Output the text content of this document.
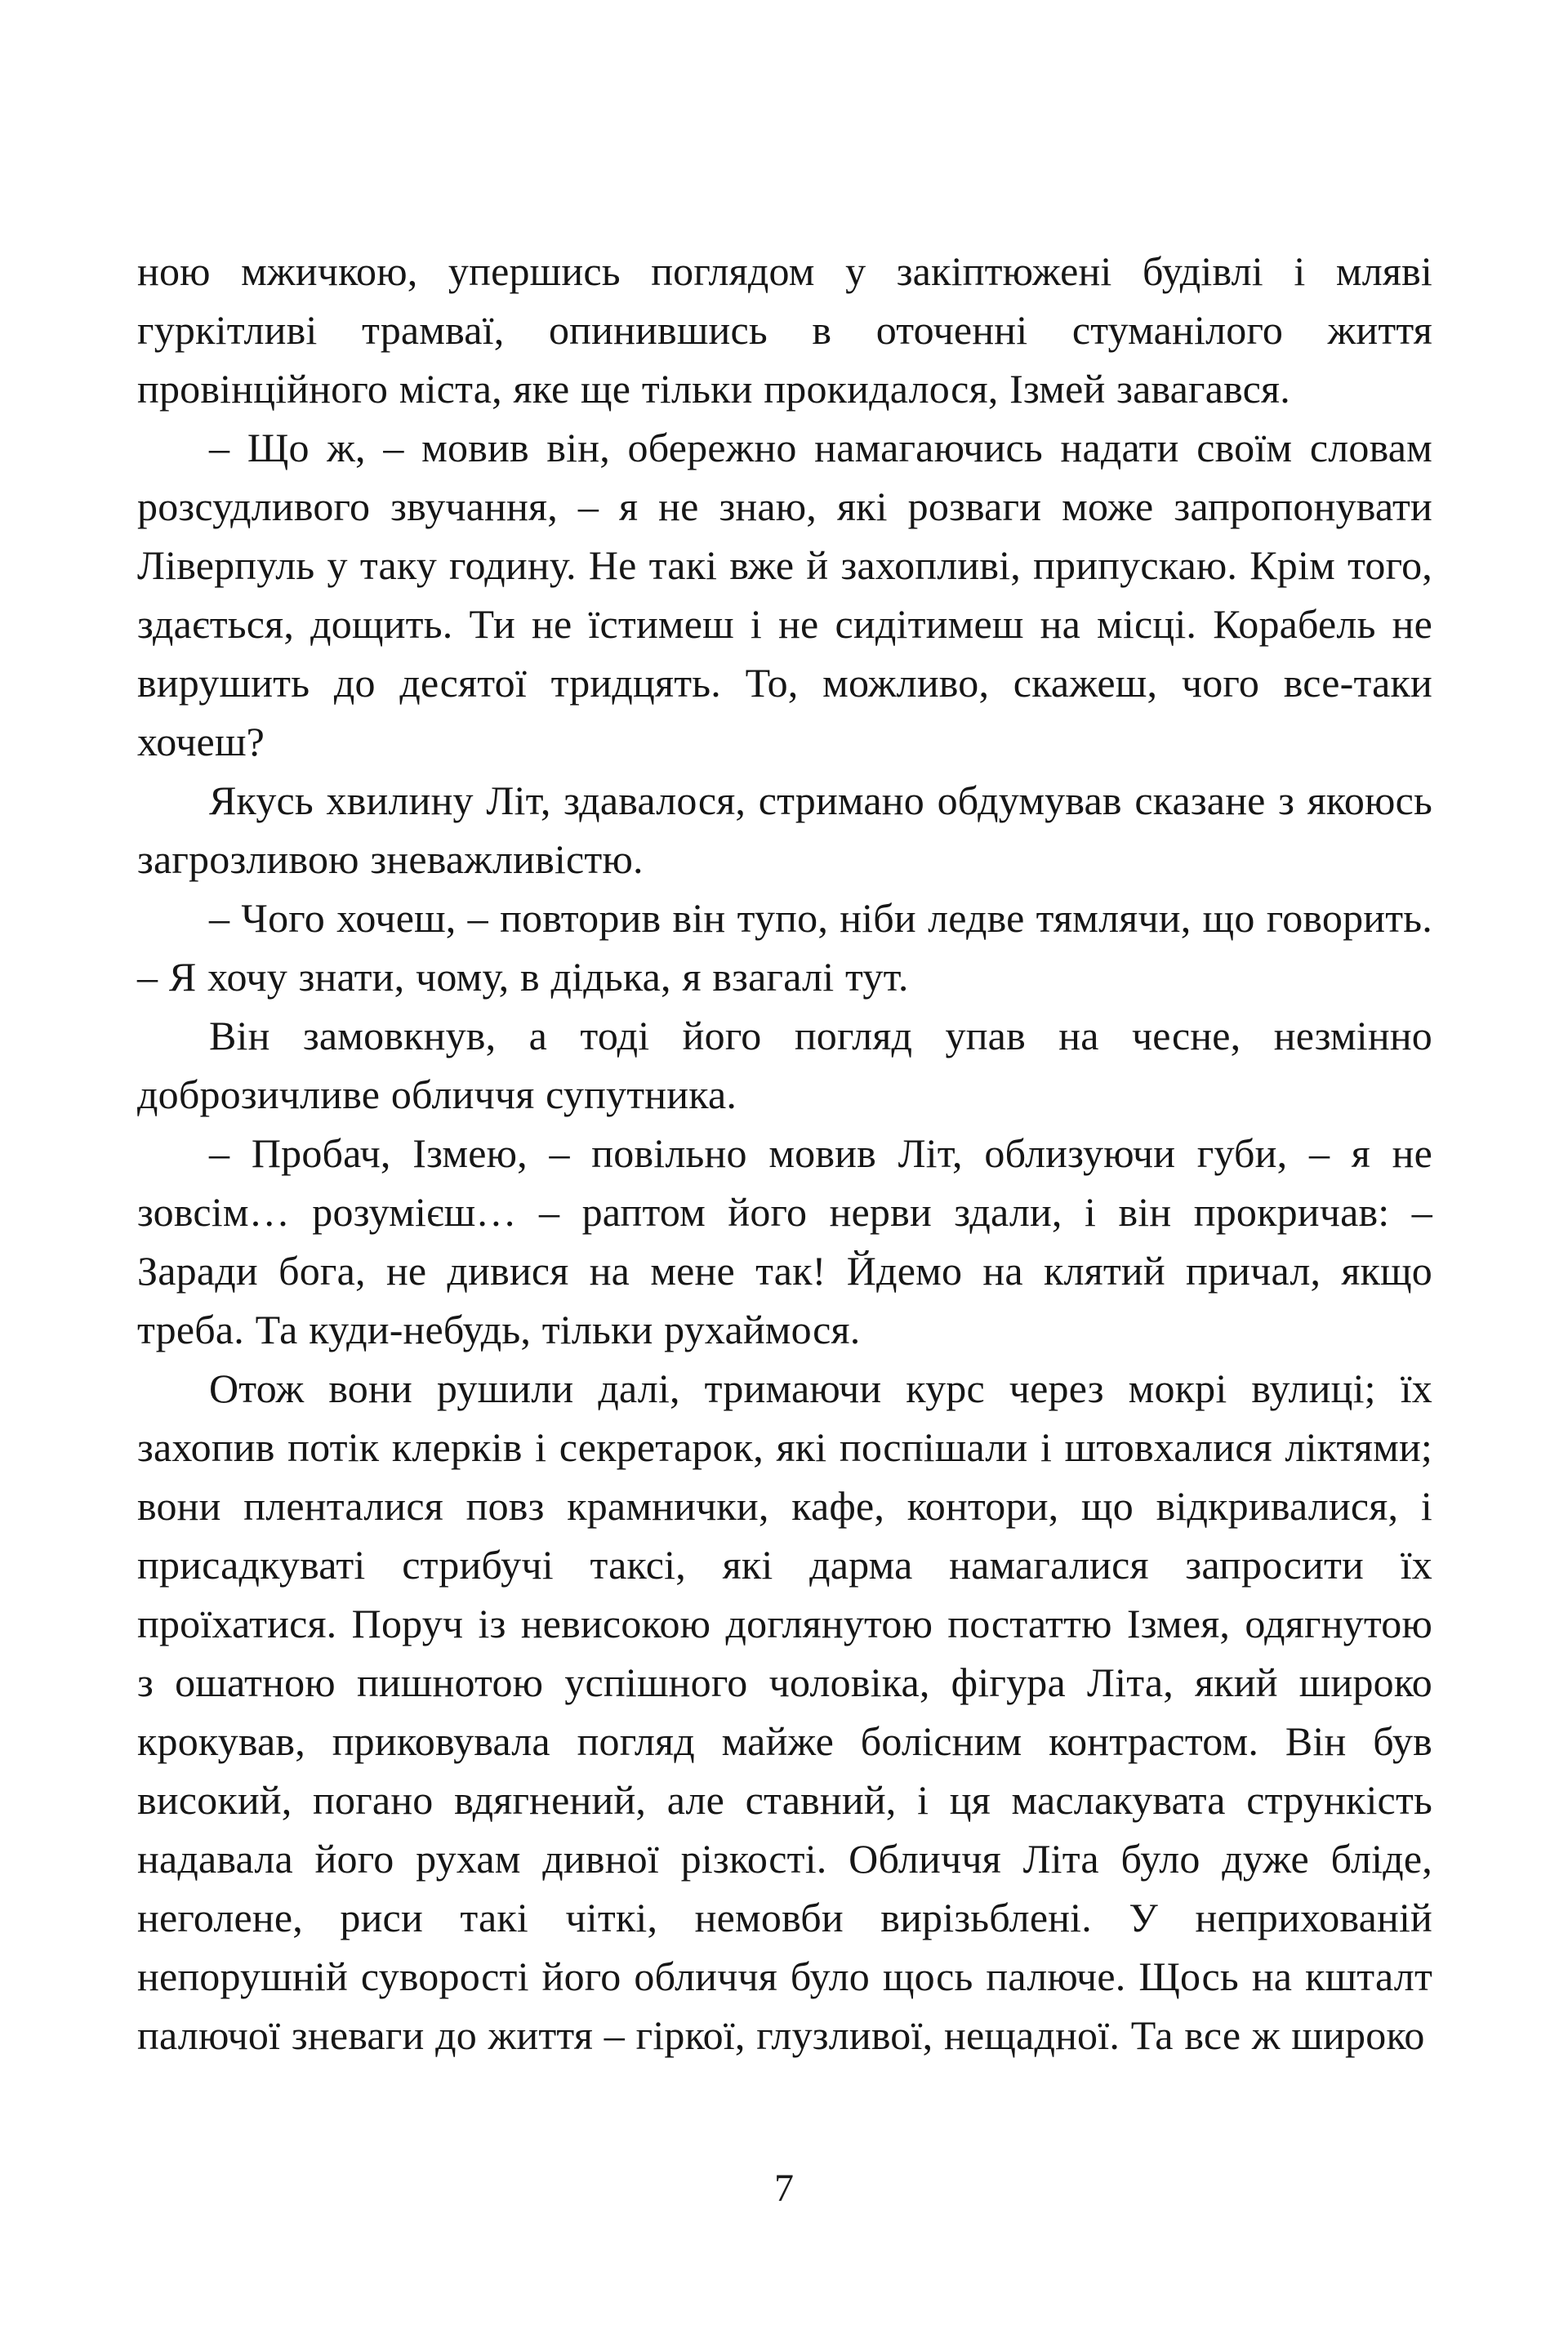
ною мжичкою, упершись поглядом у закіптюжені будівлі і мляві гуркітливі трамваї, опинившись в оточенні стуманілого життя провінційного міста, яке ще тільки прокидалося, Ізмей завагався.

– Що ж, – мовив він, обережно намагаючись надати своїм словам розсудливого звучання, – я не знаю, які розваги може запропонувати Ліверпуль у таку годину. Не такі вже й захопливі, припускаю. Крім того, здається, дощить. Ти не їстимеш і не сидітимеш на місці. Корабель не вирушить до десятої тридцять. То, можливо, скажеш, чого все-таки хочеш?

Якусь хвилину Літ, здавалося, стримано обдумував сказане з якоюсь загрозливою зневажливістю.

– Чого хочеш, – повторив він тупо, ніби ледве тямлячи, що говорить. – Я хочу знати, чому, в дідька, я взагалі тут.

Він замовкнув, а тоді його погляд упав на чесне, незмінно доброзичливе обличчя супутника.

– Пробач, Ізмею, – повільно мовив Літ, облизуючи губи, – я не зовсім… розумієш… – раптом його нерви здали, і він прокричав: – Заради бога, не дивися на мене так! Йдемо на клятий причал, якщо треба. Та куди-небудь, тільки рухаймося.

Отож вони рушили далі, тримаючи курс через мокрі вулиці; їх захопив потік клерків і секретарок, які поспішали і штовхалися ліктями; вони пленталися повз крамнички, кафе, контори, що відкривалися, і присадкуваті стрибучі таксі, які дарма намагалися запросити їх проїхатися. Поруч із невисокою доглянутою постаттю Ізмея, одягнутою з ошатною пишнотою успішного чоловіка, фігура Літа, який широко крокував, приковувала погляд майже болісним контрастом. Він був високий, погано вдягнений, але ставний, і ця маслакувата стрункість надавала його рухам дивної різкості. Обличчя Літа було дуже бліде, неголене, риси такі чіткі, немовби вирізьблені. У неприхованій непорушній суворості його обличчя було щось палюче. Щось на кшталт палючої зневаги до життя – гіркої, глузливої, нещадної. Та все ж широко

7
